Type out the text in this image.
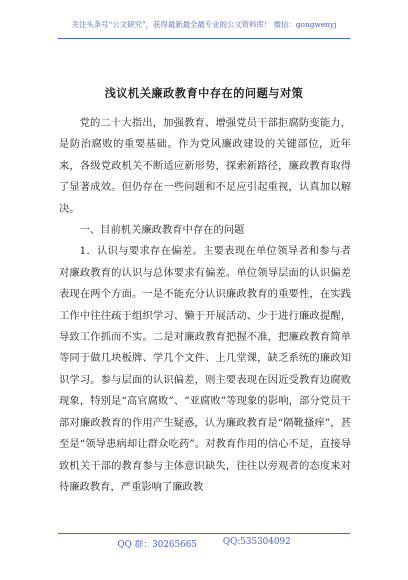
关注头条号“公文研究”，获得最新最全最专业的公文资料库！ 微信：gongwenyj
浅议机关廉政教育中存在的问题与对策

党的二十大指出，加强教育、增强党员干部拒腐防变能力，是防治腐败的重要基础。作为党风廉政建设的关键部位，近年来，各级党政机关不断适应新形势，探索新路径，廉政教育取得了显著成效。但仍存在一些问题和不足应引起重视，认真加以解决。

一、目前机关廉政教育中存在的问题

1．认识与要求存在偏差。主要表现在单位领导者和参与者对廉政教育的认识与总体要求有偏差。单位领导层面的认识偏差表现在两个方面。一是不能充分认识廉政教育的重要性，在实践工作中往往疏于组织学习、懒于开展活动、少于进行廉政提醒，导致工作抓而不实。二是对廉政教育把握不准，把廉政教育简单等同于做几块板牌、学几个文件、上几堂课，缺乏系统的廉政知识学习。参与层面的认识偏差，则主要表现在因近受教育边腐败现象，特别是“高官腐败”、“亚腐败”等现象的影响，部分党员干部对廉政教育的作用产生疑惑，认为廉政教育是“隔靴搔痒”，甚至是“领导患病却让群众吃药”。对教育作用的信心不足，直接导致机关干部的教育参与主体意识缺失，往往以旁观者的态度来对待廉政教育，严重影响了廉政教

QQ 群：30265665	QQ:535304092
